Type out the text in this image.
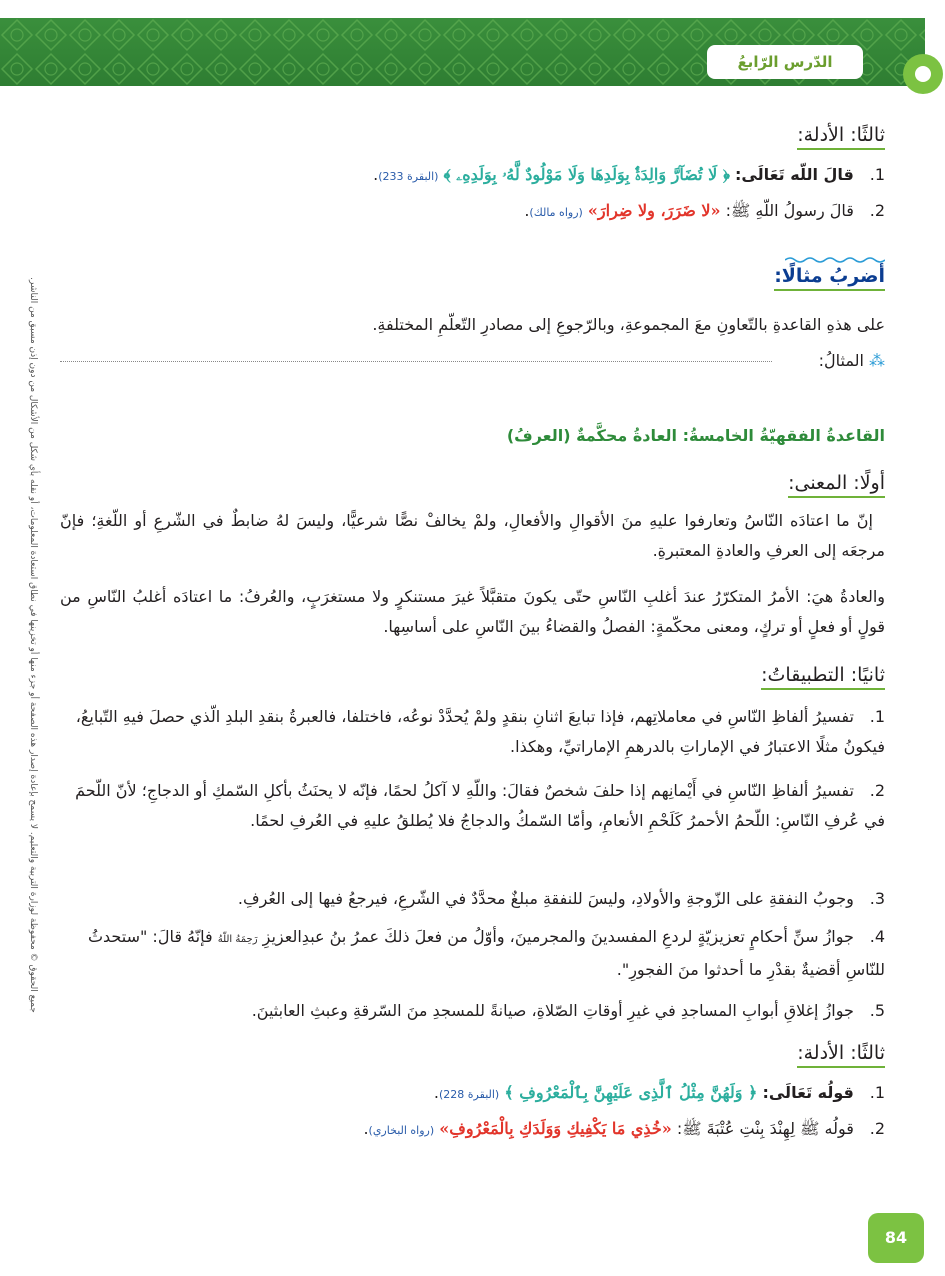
الدّرس الرّابعُ
جميع الحقوق © محفوظة لوزارة التربية والتعليم. لا يسمح بإعادة إصدار هذه الصفحة أو جزء منها أو تخزينها في نطاق استعادة المعلومات، أو نقله بأي شكل من الأشكال من دون إذن مسبق من الناشر.
ثالثًا: الأدلة:
1. قالَ اللّه تَعَالَى: ﴿ لَا تُضَآرَّ وَالِدَةٌۢ بِوَلَدِهَا وَلَا مَوْلُودٌ لَّهُۥ بِوَلَدِهِۦ ﴾ (البقرة 233).
2. قالَ رسولُ اللّهِ ﷺ: «لا ضَرَرَ، ولا ضِرارَ» (رواه مالك).
أضربُ مثالًا:
على هذهِ القاعدةِ بالتّعاونِ معَ المجموعةِ، وبالرّجوعِ إلى مصادرِ التّعلّمِ المختلفةِ.
⁂ المثالُ:
القاعدةُ الفقهيّةُ الخامسةُ: العادةُ محكَّمةٌ (العرفُ)
أولًا: المعنى:
إنّ ما اعتادَه النّاسُ وتعارفوا عليهِ منَ الأقوالِ والأفعالِ، ولمْ يخالفْ نصًّا شرعيًّا، وليسَ لهُ ضابطٌ في الشّرعِ أو اللّغةِ؛ فإنّ مرجعَه إلى العرفِ والعادةِ المعتبرةِ.
والعادةُ هيَ: الأمرُ المتكرّرُ عندَ أغلبِ النّاسِ حتّى يكونَ متقبَّلاً غيرَ مستنكرٍ ولا مستغرَبٍ، والعُرفُ: ما اعتادَه أغلبُ النّاسِ من قولٍ أو فعلٍ أو تركٍ، ومعنى محكّمةٍ: الفصلُ والقضاءُ بينَ النّاسِ على أساسِها.
ثانيًا: التطبيقاتُ:
1. تفسيرُ ألفاظِ النّاسِ في معاملاتِهم، فإذا تبايعَ اثنانِ بنقدٍ ولمْ يُحدَّدْ نوعُه، فاختلفا، فالعبرةُ بنقدِ البلدِ الّذي حصلَ فيهِ التّبايعُ، فيكونُ مثلًا الاعتبارُ في الإماراتِ بالدرهمِ الإماراتيِّ، وهكذا.
2. تفسيرُ ألفاظِ النّاسِ في أَيْمانِهم إذا حلفَ شخصٌ فقالَ: واللّهِ لا آكلُ لحمًا، فإنّه لا يحنَثُ بأكلِ السّمكِ أو الدجاجِ؛ لأنّ اللّحمَ في عُرفِ النّاسِ: اللّحمُ الأحمرُ كَلَحْمِ الأنعامِ، وأمّا السّمكُ والدجاجُ فلا يُطلقُ عليهِ في العُرفِ لحمًا.
3. وجوبُ النفقةِ على الزّوجةِ والأولادِ، وليسَ للنفقةِ مبلغٌ محدَّدٌ في الشّرعِ، فيرجعُ فيها إلى العُرفِ.
4. جوازُ سنِّ أحكامٍ تعزيزيّةٍ لردعِ المفسدينَ والمجرمينَ، وأوّلُ من فعلَ ذلكَ عمرُ بنُ عبدِالعزيزِ رَحِمَهُ اللّهُ فإنّهُ قالَ: "ستحدثُ للنّاسِ أقضيةٌ بقدْرِ ما أحدثوا منَ الفجورِ".
5. جوازُ إغلاقِ أبوابِ المساجدِ في غيرِ أوقاتِ الصّلاةِ، صيانةً للمسجدِ منَ السّرقةِ وعبثِ العابثينَ.
ثالثًا: الأدلة:
1. قولُه تَعَالَى: ﴿ وَلَهُنَّ مِثْلُ ٱلَّذِى عَلَيْهِنَّ بِٱلْمَعْرُوفِ ﴾ (البقرة 228).
2. قولُه ﷺ لِهِنْدَ بِنْتِ عُتْبَةَ ﷺ: «خُذِي مَا يَكْفِيكِ وَوَلَدَكِ بِالْمَعْرُوفِ» (رواه البخاري).
84
